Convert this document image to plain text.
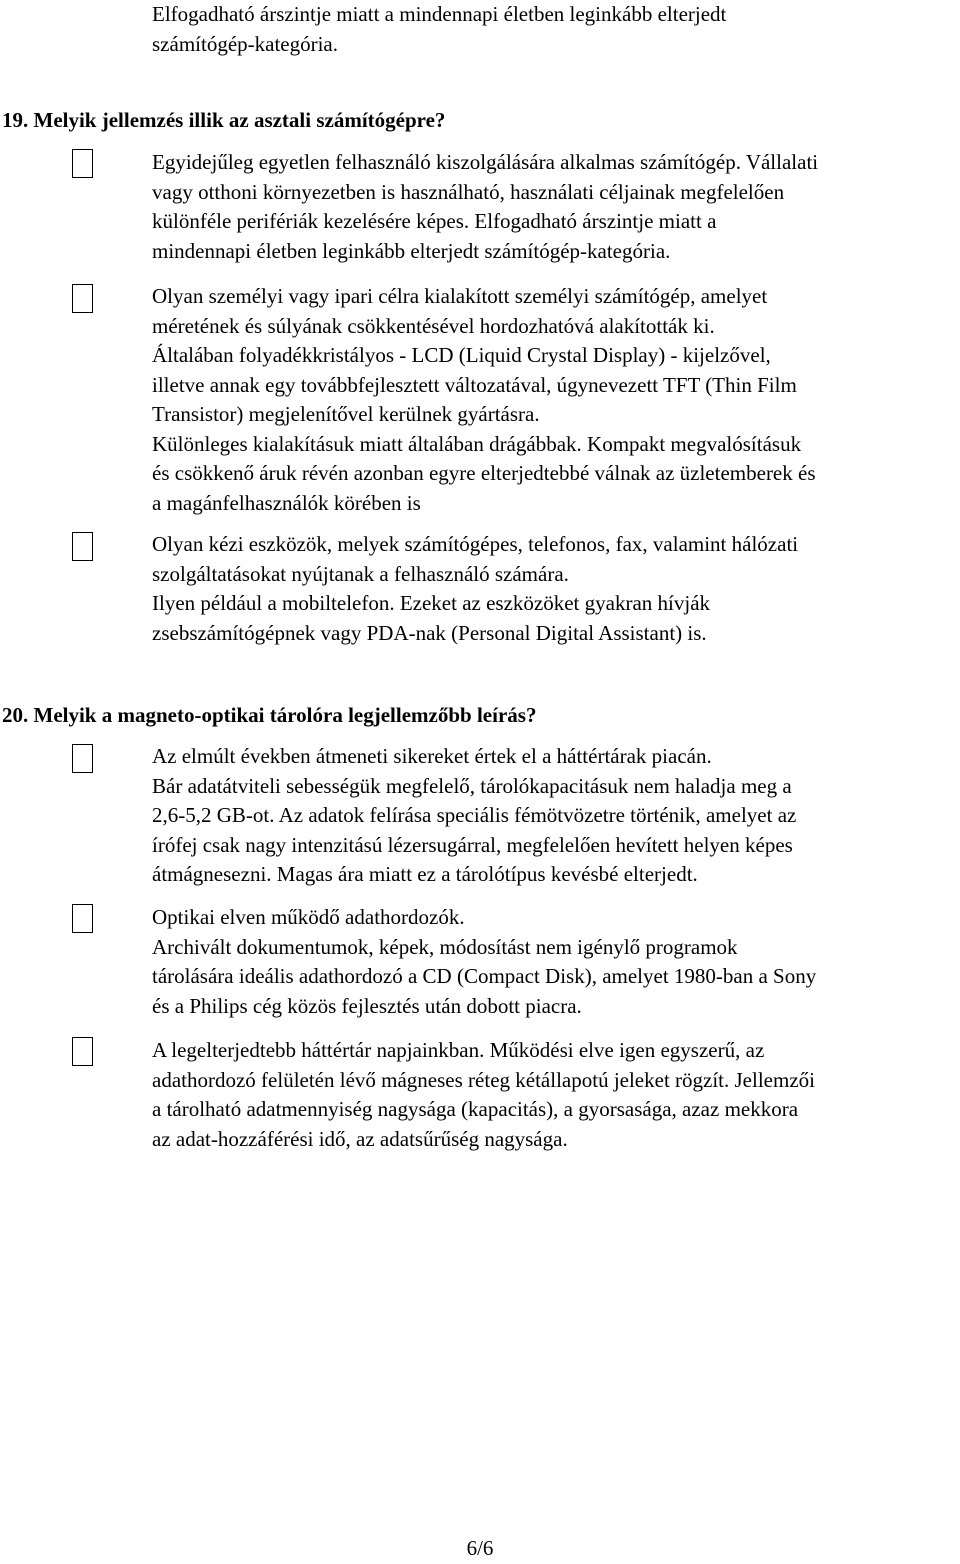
Elfogadható árszintje miatt a mindennapi életben leginkább elterjedt
számítógép-kategória.
19. Melyik jellemzés illik az asztali számítógépre?
Egyidejűleg egyetlen felhasználó kiszolgálására alkalmas számítógép. Vállalati
vagy otthoni környezetben is használható, használati céljainak megfelelően
különféle perifériák kezelésére képes. Elfogadható árszintje miatt a
mindennapi életben leginkább elterjedt számítógép-kategória.
Olyan személyi vagy ipari célra kialakított személyi számítógép, amelyet
méretének és súlyának csökkentésével hordozhatóvá alakították ki.
Általában folyadékkristályos - LCD (Liquid Crystal Display) - kijelzővel,
illetve annak egy továbbfejlesztett változatával, úgynevezett TFT (Thin Film
Transistor) megjelenítővel kerülnek gyártásra.
Különleges kialakításuk miatt általában drágábbak. Kompakt megvalósításuk
és csökkenő áruk révén azonban egyre elterjedtebbé válnak az üzletemberek és
a magánfelhasználók körében is
Olyan kézi eszközök, melyek számítógépes, telefonos, fax, valamint hálózati
szolgáltatásokat nyújtanak a felhasználó számára.
Ilyen például a mobiltelefon. Ezeket az eszközöket gyakran hívják
zsebszámítógépnek vagy PDA-nak (Personal Digital Assistant) is.
20. Melyik a magneto-optikai tárolóra legjellemzőbb leírás?
Az elmúlt években átmeneti sikereket értek el a háttértárak piacán.
Bár adatátviteli sebességük megfelelő, tárolókapacitásuk nem haladja meg a
2,6-5,2 GB-ot. Az adatok felírása speciális fémötvözetre történik, amelyet az
írófej csak nagy intenzitású lézersugárral, megfelelően hevített helyen képes
átmágnesezni. Magas ára miatt ez a tárolótípus kevésbé elterjedt.
Optikai elven működő adathordozók.
Archivált dokumentumok, képek, módosítást nem igénylő programok
tárolására ideális adathordozó a CD (Compact Disk), amelyet 1980-ban a Sony
és a Philips cég közös fejlesztés után dobott piacra.
A legelterjedtebb háttértár napjainkban. Működési elve igen egyszerű, az
adathordozó felületén lévő mágneses réteg kétállapotú jeleket rögzít. Jellemzői
a tárolható adatmennyiség nagysága (kapacitás), a gyorsasága, azaz mekkora
az adat-hozzáférési idő, az adatsűrűség nagysága.
6/6
